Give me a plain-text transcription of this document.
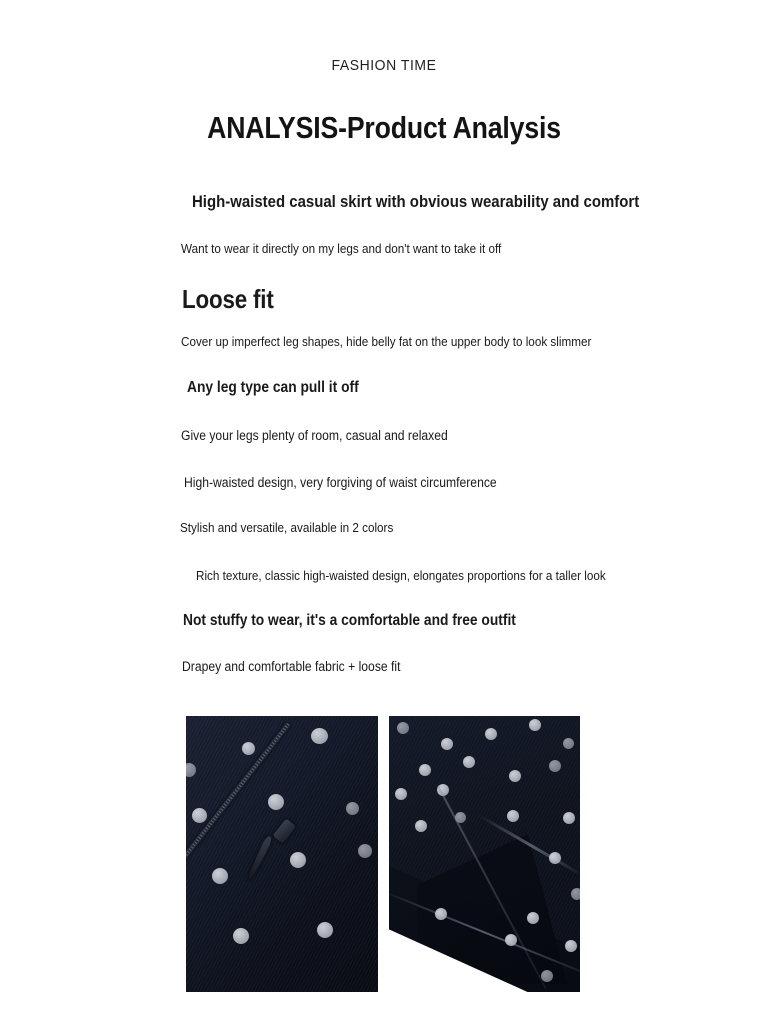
FASHION TIME
ANALYSIS-Product Analysis
High-waisted casual skirt with obvious wearability and comfort
Want to wear it directly on my legs and don't want to take it off
Loose fit
Cover up imperfect leg shapes, hide belly fat on the upper body to look slimmer
Any leg type can pull it off
Give your legs plenty of room, casual and relaxed
High-waisted design, very forgiving of waist circumference
Stylish and versatile, available in 2 colors
Rich texture, classic high-waisted design, elongates proportions for a taller look
Not stuffy to wear, it's a comfortable and free outfit
Drapey and comfortable fabric + loose fit
